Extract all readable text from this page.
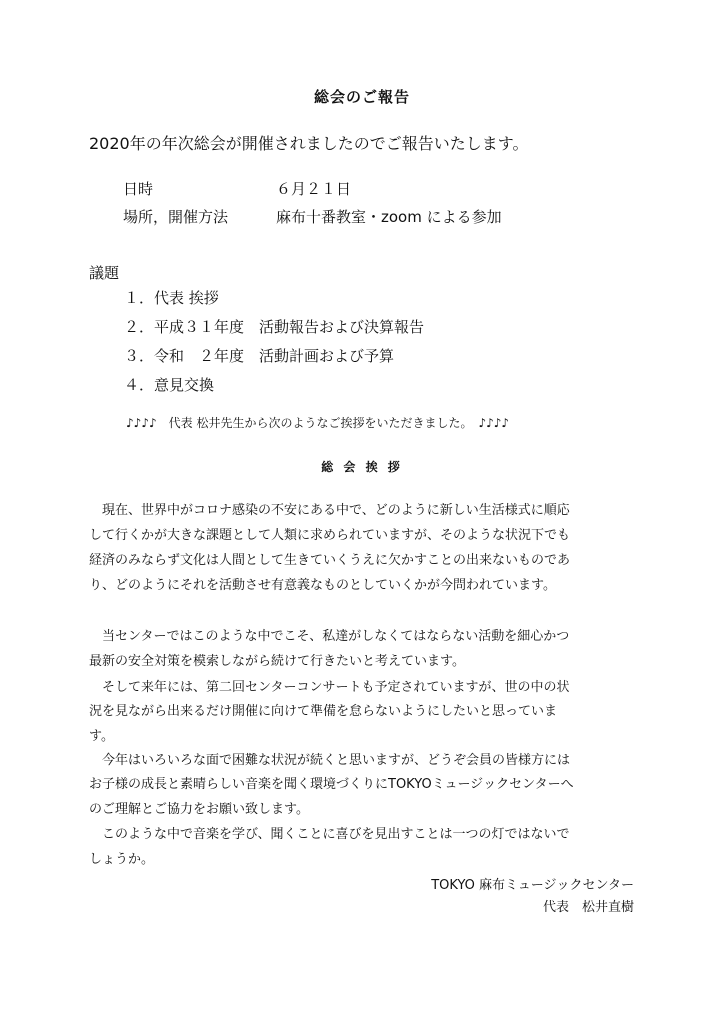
総会のご報告
2020年の年次総会が開催されましたのでご報告いたします。
日時	６月２１日
場所，開催方法	麻布十番教室・zoom による参加
議題
１．代表 挨拶
２．平成３１年度　活動報告および決算報告
３．令和　２年度　活動計画および予算
４．意見交換
♪♪♪♪　代表 松井先生から次のようなご挨拶をいただきました。　♪♪♪♪
総 会 挨 拶
　現在、世界中がコロナ感染の不安にある中で、どのように新しい生活様式に順応
して行くかが大きな課題として人類に求められていますが、そのような状況下でも
経済のみならず文化は人間として生きていくうえに欠かすことの出来ないものであ
り、どのようにそれを活動させ有意義なものとしていくかが今問われています。
　当センターではこのような中でこそ、私達がしなくてはならない活動を細心かつ
最新の安全対策を模索しながら続けて行きたいと考えています。
　そして来年には、第二回センターコンサートも予定されていますが、世の中の状
況を見ながら出来るだけ開催に向けて準備を怠らないようにしたいと思っていま
す。
　今年はいろいろな面で困難な状況が続くと思いますが、どうぞ会員の皆様方には
お子様の成長と素晴らしい音楽を聞く環境づくりにTOKYOミュージックセンターへ
のご理解とご協力をお願い致します。
　このような中で音楽を学び、聞くことに喜びを見出すことは一つの灯ではないで
しょうか。
TOKYO 麻布ミュージックセンター
代表　松井直樹
